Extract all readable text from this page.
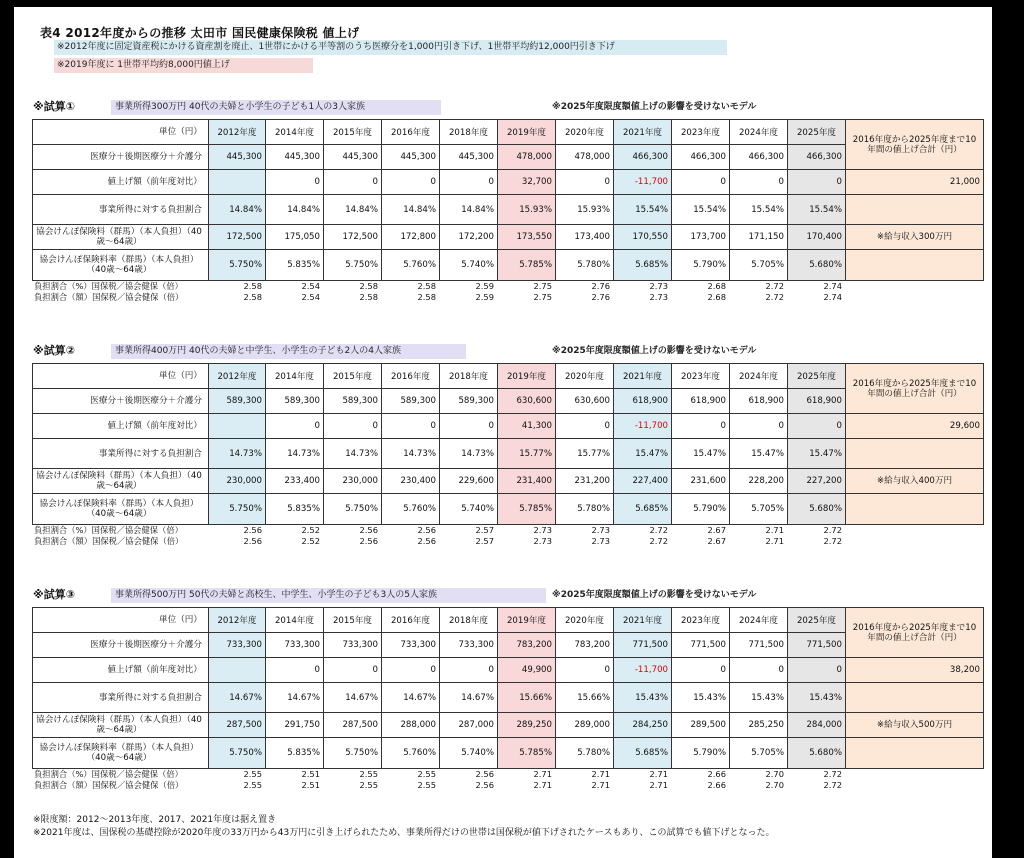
表4 2012年度からの推移 太田市 国民健康保険税 値上げ
※2012年度に固定資産税にかける資産割を廃止、1世帯にかける平等割のうち医療分を1,000円引き下げ、1世帯平均約12,000円引き下げ
※2019年度に 1世帯平均約8,000円値上げ
※試算①	事業所得300万円 40代の夫婦と小学生の子ども1人の3人家族	※2025年度限度額値上げの影響を受けないモデル
単位（円）	2012年度	2014年度	2015年度	2016年度	2018年度	2019年度	2020年度	2021年度	2023年度	2024年度	2025年度	2016年度から2025年度まで10年間の値上げ合計（円）
医療分＋後期医療分＋介護分	445,300	445,300	445,300	445,300	445,300	478,000	478,000	466,300	466,300	466,300	466,300	
値上げ額（前年度対比）		0	0	0	0	32,700	0	-11,700	0	0	0	21,000
事業所得に対する負担割合	14.84%	14.84%	14.84%	14.84%	14.84%	15.93%	15.93%	15.54%	15.54%	15.54%	15.54%	
協会けんぽ保険料（群馬）（本人負担）（40歳～64歳）	172,500	175,050	172,500	172,800	172,200	173,550	173,400	170,550	173,700	171,150	170,400	※給与収入300万円
協会けんぽ保険料率（群馬）（本人負担）（40歳～64歳）	5.750%	5.835%	5.750%	5.760%	5.740%	5.785%	5.780%	5.685%	5.790%	5.705%	5.680%	
負担割合（%）国保税／協会健保（倍）	2.58	2.54	2.58	2.58	2.59	2.75	2.76	2.73	2.68	2.72	2.74	
負担割合（額）国保税／協会健保（倍）	2.58	2.54	2.58	2.58	2.59	2.75	2.76	2.73	2.68	2.72	2.74	
※試算②	事業所得400万円 40代の夫婦と中学生、小学生の子ども2人の4人家族	※2025年度限度額値上げの影響を受けないモデル
単位（円）	2012年度	2014年度	2015年度	2016年度	2018年度	2019年度	2020年度	2021年度	2023年度	2024年度	2025年度	2016年度から2025年度まで10年間の値上げ合計（円）
医療分＋後期医療分＋介護分	589,300	589,300	589,300	589,300	589,300	630,600	630,600	618,900	618,900	618,900	618,900	
値上げ額（前年度対比）		0	0	0	0	41,300	0	-11,700	0	0	0	29,600
事業所得に対する負担割合	14.73%	14.73%	14.73%	14.73%	14.73%	15.77%	15.77%	15.47%	15.47%	15.47%	15.47%	
協会けんぽ保険料（群馬）（本人負担）（40歳～64歳）	230,000	233,400	230,000	230,400	229,600	231,400	231,200	227,400	231,600	228,200	227,200	※給与収入400万円
協会けんぽ保険料率（群馬）（本人負担）（40歳～64歳）	5.750%	5.835%	5.750%	5.760%	5.740%	5.785%	5.780%	5.685%	5.790%	5.705%	5.680%	
負担割合（%）国保税／協会健保（倍）	2.56	2.52	2.56	2.56	2.57	2.73	2.73	2.72	2.67	2.71	2.72	
負担割合（額）国保税／協会健保（倍）	2.56	2.52	2.56	2.56	2.57	2.73	2.73	2.72	2.67	2.71	2.72	
※試算③	事業所得500万円 50代の夫婦と高校生、中学生、小学生の子ども3人の5人家族	※2025年度限度額値上げの影響を受けないモデル
単位（円）	2012年度	2014年度	2015年度	2016年度	2018年度	2019年度	2020年度	2021年度	2023年度	2024年度	2025年度	2016年度から2025年度まで10年間の値上げ合計（円）
医療分＋後期医療分＋介護分	733,300	733,300	733,300	733,300	733,300	783,200	783,200	771,500	771,500	771,500	771,500	
値上げ額（前年度対比）		0	0	0	0	49,900	0	-11,700	0	0	0	38,200
事業所得に対する負担割合	14.67%	14.67%	14.67%	14.67%	14.67%	15.66%	15.66%	15.43%	15.43%	15.43%	15.43%	
協会けんぽ保険料（群馬）（本人負担）（40歳～64歳）	287,500	291,750	287,500	288,000	287,000	289,250	289,000	284,250	289,500	285,250	284,000	※給与収入500万円
協会けんぽ保険料率（群馬）（本人負担）（40歳～64歳）	5.750%	5.835%	5.750%	5.760%	5.740%	5.785%	5.780%	5.685%	5.790%	5.705%	5.680%	
負担割合（%）国保税／協会健保（倍）	2.55	2.51	2.55	2.55	2.56	2.71	2.71	2.71	2.66	2.70	2.72	
負担割合（額）国保税／協会健保（倍）	2.55	2.51	2.55	2.55	2.56	2.71	2.71	2.71	2.66	2.70	2.72	
※限度額：2012～2013年度、2017、2021年度は据え置き
※2021年度は、国保税の基礎控除が2020年度の33万円から43万円に引き上げられたため、事業所得だけの世帯は国保税が値下げされたケースもあり、この試算でも値下げとなった。
